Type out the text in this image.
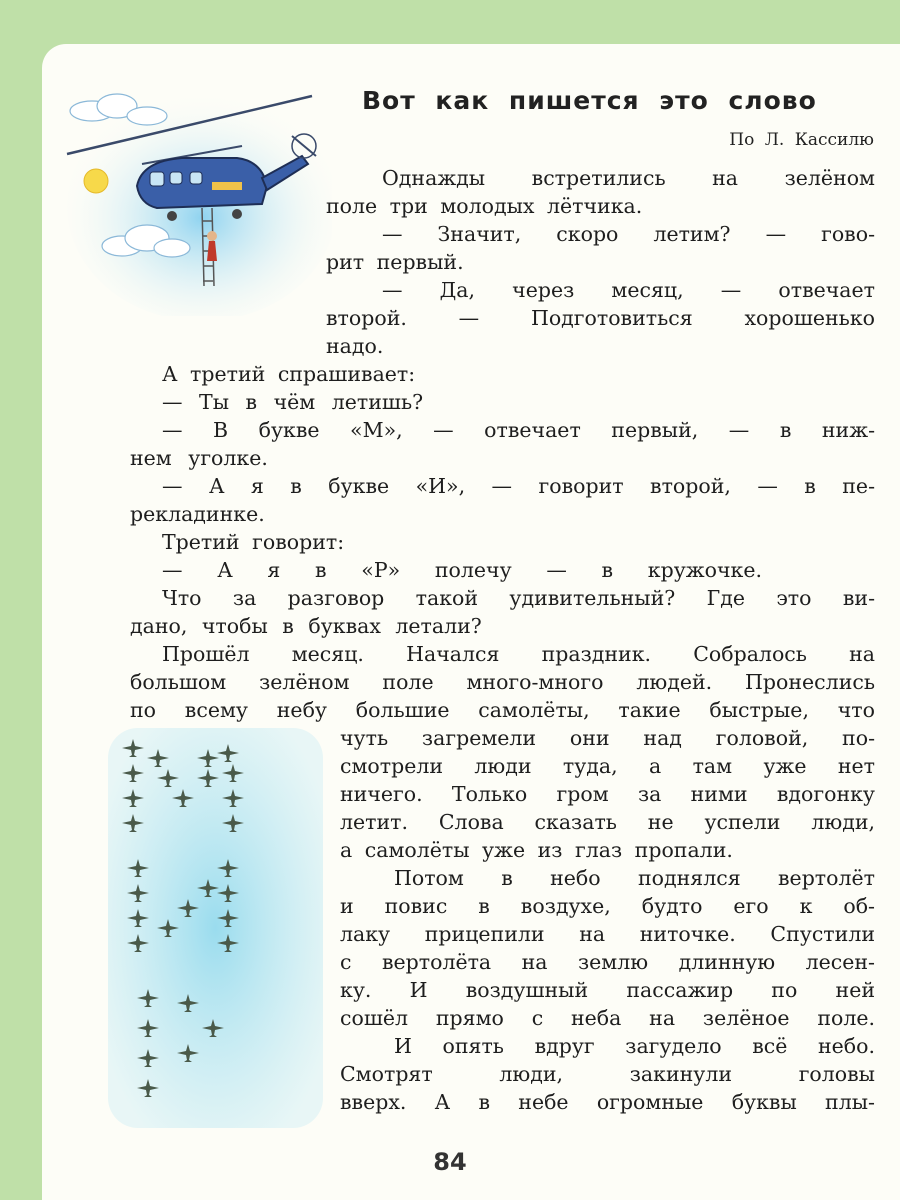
Вот как пишется это слово
По Л. Кассилю
Однажды встретились на зелёном
поле три молодых лётчика.
— Значит, скоро летим? — гово-
рит первый.
— Да, через месяц, — отвечает
второй. — Подготовиться хорошенько
надо.
А третий спрашивает:
— Ты в чём летишь?
— В букве «М», — отвечает первый, — в ниж-
нем уголке.
— А я в букве «И», — говорит второй, — в пе-
рекладинке.
Третий говорит:
— А я в «Р» полечу — в кружочке.
Что за разговор такой удивительный? Где это ви-
дано, чтобы в буквах летали?
Прошёл месяц. Начался праздник. Собралось на
большом зелёном поле много-много людей. Пронеслись
по всему небу большие самолёты, такие быстрые, что
чуть загремели они над головой, по-
смотрели люди туда, а там уже нет
ничего. Только гром за ними вдогонку
летит. Слова сказать не успели люди,
а самолёты уже из глаз пропали.
Потом в небо поднялся вертолёт
и повис в воздухе, будто его к об-
лаку прицепили на ниточке. Спустили
с вертолёта на землю длинную лесен-
ку. И воздушный пассажир по ней
сошёл прямо с неба на зелёное поле.
И опять вдруг загудело всё небо.
Смотрят люди, закинули головы
вверх. А в небе огромные буквы плы-
84
